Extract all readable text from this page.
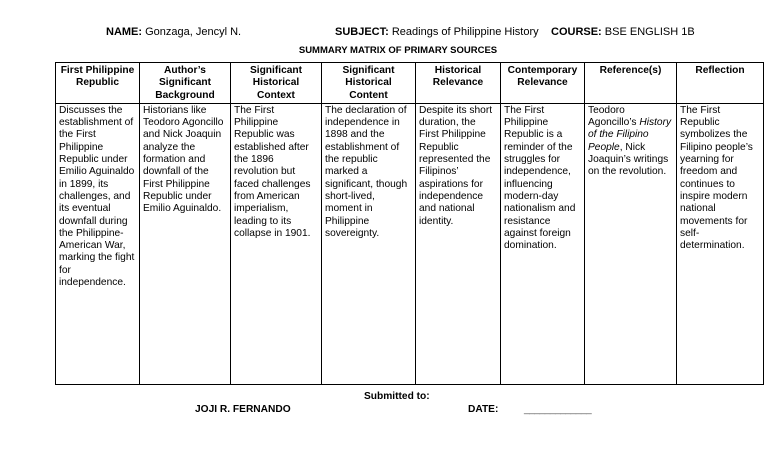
NAME: Gonzaga, Jencyl N.	SUBJECT: Readings of Philippine History COURSE: BSE ENGLISH 1B
SUMMARY MATRIX OF PRIMARY SOURCES
First Philippine Republic	Author’s Significant Background	Significant Historical Context	Significant Historical Content	Historical Relevance	Contemporary Relevance	Reference(s)	Reflection
Discusses the establishment of the First Philippine Republic under Emilio Aguinaldo in 1899, its challenges, and its eventual downfall during the Philippine-American War, marking the fight for independence.	Historians like Teodoro Agoncillo and Nick Joaquin analyze the formation and downfall of the First Philippine Republic under Emilio Aguinaldo.	The First Philippine Republic was established after the 1896 revolution but faced challenges from American imperialism, leading to its collapse in 1901.	The declaration of independence in 1898 and the establishment of the republic marked a significant, though short-lived, moment in Philippine sovereignty.	Despite its short duration, the First Philippine Republic represented the Filipinos’ aspirations for independence and national identity.	The First Philippine Republic is a reminder of the struggles for independence, influencing modern-day nationalism and resistance against foreign domination.	Teodoro Agoncillo’s History of the Filipino People, Nick Joaquin’s writings on the revolution.	The First Republic symbolizes the Filipino people’s yearning for freedom and continues to inspire modern national movements for self-determination.
Submitted to:
JOJI R. FERNANDO	DATE:	_____________
